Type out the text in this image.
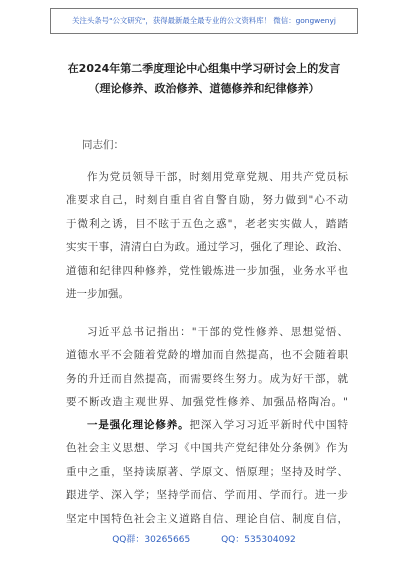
关注头条号"公文研究"，获得最新最全最专业的公文资料库！ 微信：gongwenyj
在2024年第二季度理论中心组集中学习研讨会上的发言
（理论修养、政治修养、道德修养和纪律修养）
同志们：
作为党员领导干部，时刻用党章党规、用共产党员标
准要求自己，时刻自重自省自警自励，努力做到"心不动
于微利之诱，目不眩于五色之惑"，老老实实做人，踏踏
实实干事，清清白白为政。通过学习，强化了理论、政治、
道德和纪律四种修养，党性锻炼进一步加强，业务水平也
进一步加强。
习近平总书记指出："干部的党性修养、思想觉悟、
道德水平不会随着党龄的增加而自然提高，也不会随着职
务的升迁而自然提高，而需要终生努力。成为好干部，就
要不断改造主观世界、加强党性修养、加强品格陶冶。"
一是强化理论修养。把深入学习习近平新时代中国特
色社会主义思想、学习《中国共产党纪律处分条例》作为
重中之重，坚持读原著、学原文、悟原理；坚持及时学、
跟进学、深入学；坚持学而信、学而用、学而行。进一步
坚定中国特色社会主义道路自信、理论自信、制度自信，
QQ群：30265665	QQ：535304092
